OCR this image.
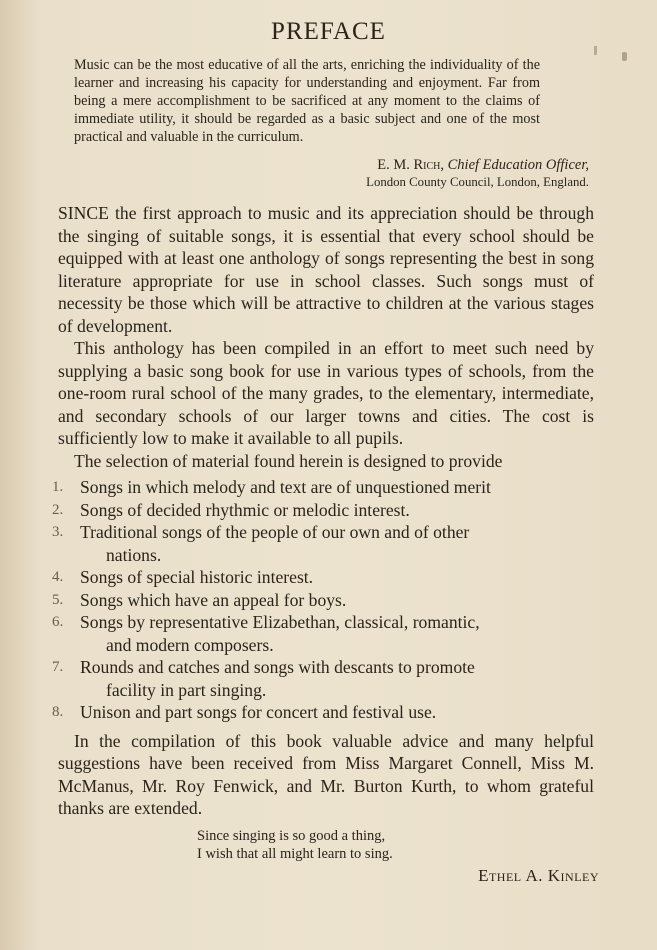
PREFACE

Music can be the most educative of all the arts, enriching the individuality of the learner and increasing his capacity for understanding and enjoyment. Far from being a mere accomplishment to be sacrificed at any moment to the claims of immediate utility, it should be regarded as a basic subject and one of the most practical and valuable in the curriculum.

E. M. Rich, Chief Education Officer,
London County Council, London, England.

SINCE the first approach to music and its appreciation should be through the singing of suitable songs, it is essential that every school should be equipped with at least one anthology of songs representing the best in song literature appropriate for use in school classes. Such songs must of necessity be those which will be attractive to children at the various stages of development.

This anthology has been compiled in an effort to meet such need by supplying a basic song book for use in various types of schools, from the one-room rural school of the many grades, to the elementary, intermediate, and secondary schools of our larger towns and cities. The cost is sufficiently low to make it available to all pupils.

The selection of material found herein is designed to provide

1. Songs in which melody and text are of unquestioned merit
2. Songs of decided rhythmic or melodic interest.
3. Traditional songs of the people of our own and of other
nations.
4. Songs of special historic interest.
5. Songs which have an appeal for boys.
6. Songs by representative Elizabethan, classical, romantic,
and modern composers.
7. Rounds and catches and songs with descants to promote
facility in part singing.
8. Unison and part songs for concert and festival use.

In the compilation of this book valuable advice and many helpful suggestions have been received from Miss Margaret Connell, Miss M. McManus, Mr. Roy Fenwick, and Mr. Burton Kurth, to whom grateful thanks are extended.

Since singing is so good a thing,
I wish that all might learn to sing.
Ethel A. Kinley
